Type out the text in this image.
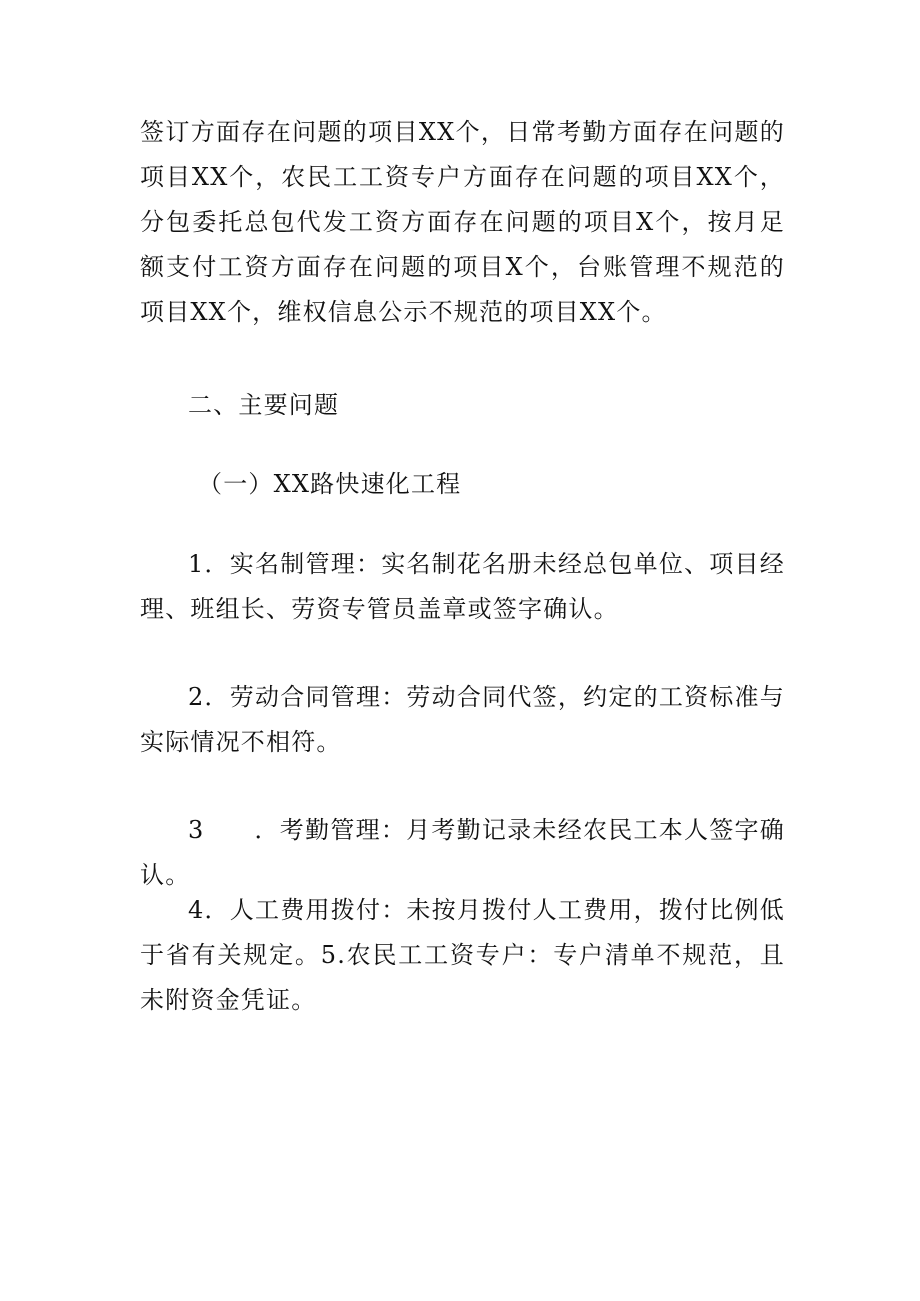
签订方面存在问题的项目XX个，日常考勤方面存在问题的项目XX个，农民工工资专户方面存在问题的项目XX个，分包委托总包代发工资方面存在问题的项目X个，按月足额支付工资方面存在问题的项目X个，台账管理不规范的项目XX个，维权信息公示不规范的项目XX个。

二、主要问题

（一）XX路快速化工程

1．实名制管理：实名制花名册未经总包单位、项目经理、班组长、劳资专管员盖章或签字确认。

2．劳动合同管理：劳动合同代签，约定的工资标准与实际情况不相符。

3 ．考勤管理：月考勤记录未经农民工本人签字确认。

4．人工费用拨付：未按月拨付人工费用，拨付比例低于省有关规定。5.农民工工资专户：专户清单不规范，且未附资金凭证。
